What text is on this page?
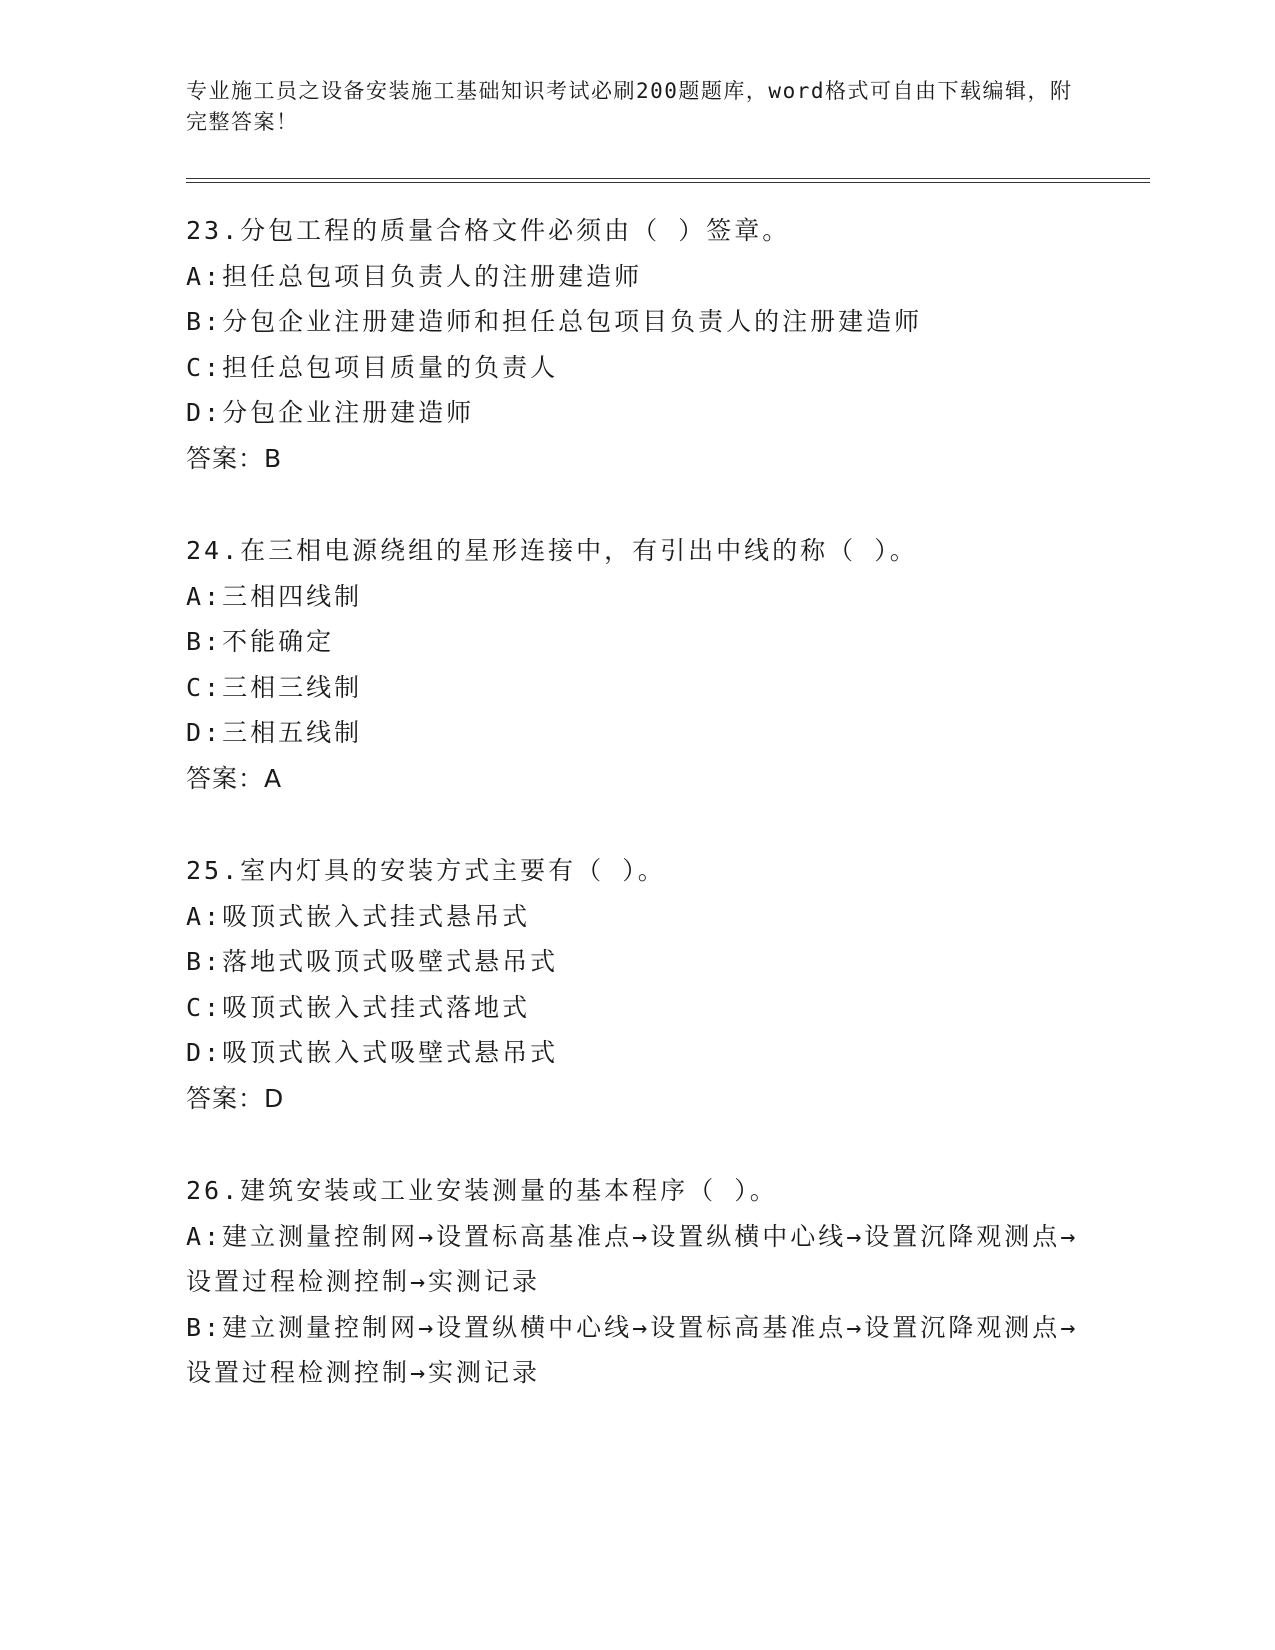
专业施工员之设备安装施工基础知识考试必刷200题题库，word格式可自由下载编辑，附完整答案！
23.分包工程的质量合格文件必须由（ ）签章。
A:担任总包项目负责人的注册建造师
B:分包企业注册建造师和担任总包项目负责人的注册建造师
C:担任总包项目质量的负责人
D:分包企业注册建造师
答案：B
24.在三相电源绕组的星形连接中，有引出中线的称（ ）。
A:三相四线制
B:不能确定
C:三相三线制
D:三相五线制
答案：A
25.室内灯具的安装方式主要有（ ）。
A:吸顶式嵌入式挂式悬吊式
B:落地式吸顶式吸壁式悬吊式
C:吸顶式嵌入式挂式落地式
D:吸顶式嵌入式吸壁式悬吊式
答案：D
26.建筑安装或工业安装测量的基本程序（ ）。
A:建立测量控制网→设置标高基准点→设置纵横中心线→设置沉降观测点→设置过程检测控制→实测记录
B:建立测量控制网→设置纵横中心线→设置标高基准点→设置沉降观测点→设置过程检测控制→实测记录
